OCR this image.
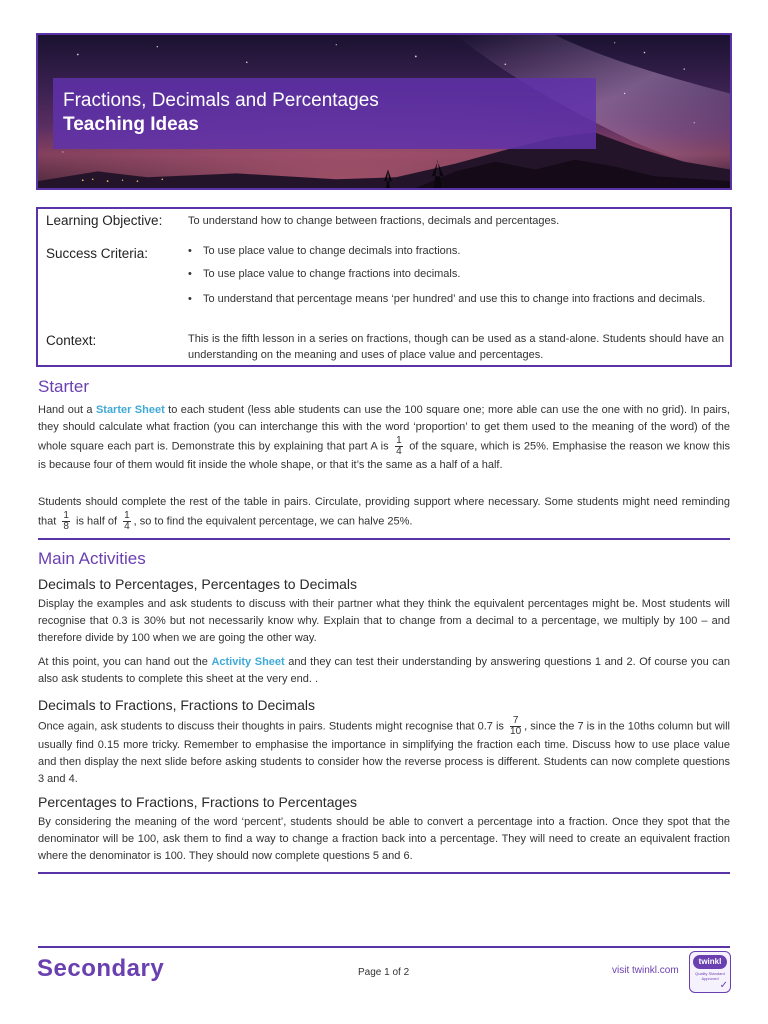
Fractions, Decimals and Percentages
Teaching Ideas
Learning Objective: To understand how to change between fractions, decimals and percentages.
Success Criteria:	• To use place value to change decimals into fractions.
• To use place value to change fractions into decimals.
• To understand that percentage means ‘per hundred’ and use this to change into fractions and decimals.
Context:	This is the fifth lesson in a series on fractions, though can be used as a stand-alone. Students should have an understanding on the meaning and uses of place value and percentages.
Starter
Hand out a Starter Sheet to each student (less able students can use the 100 square one; more able can use the one with no grid). In pairs, they should calculate what fraction (you can interchange this with the word ‘proportion’ to get them used to the meaning of the word) of the whole square each part is. Demonstrate this by explaining that part A is $\frac{1}{4}$ of the square, which is 25%. Emphasise the reason we know this is because four of them would fit inside the whole shape, or that it’s the same as a half of a half.
Students should complete the rest of the table in pairs. Circulate, providing support where necessary. Some students might need reminding that $\frac{1}{8}$ is half of $\frac{1}{4}$ , so to find the equivalent percentage, we can halve 25%.
Main Activities
Decimals to Percentages, Percentages to Decimals
Display the examples and ask students to discuss with their partner what they think the equivalent percentages might be. Most students will recognise that 0.3 is 30% but not necessarily know why. Explain that to change from a decimal to a percentage, we multiply by 100 – and therefore divide by 100 when we are going the other way.
At this point, you can hand out the Activity Sheet and they can test their understanding by answering questions 1 and 2. Of course you can also ask students to complete this sheet at the very end. .
Decimals to Fractions, Fractions to Decimals
Once again, ask students to discuss their thoughts in pairs. Students might recognise that 0.7 is $\frac{7}{10}$ , since the 7 is in the 10ths column but will usually find 0.15 more tricky. Remember to emphasise the importance in simplifying the fraction each time. Discuss how to use place value and then display the next slide before asking students to consider how the reverse process is different. Students can now complete questions 3 and 4.
Percentages to Fractions, Fractions to Percentages
By considering the meaning of the word ‘percent’, students should be able to convert a percentage into a fraction. Once they spot that the denominator will be 100, ask them to find a way to change a fraction back into a percentage. They will need to create an equivalent fraction where the denominator is 100. They should now complete questions 5 and 6.
Secondary	Page 1 of 2	visit twinkl.com
twinkl
Quality Standard Approved
✓
